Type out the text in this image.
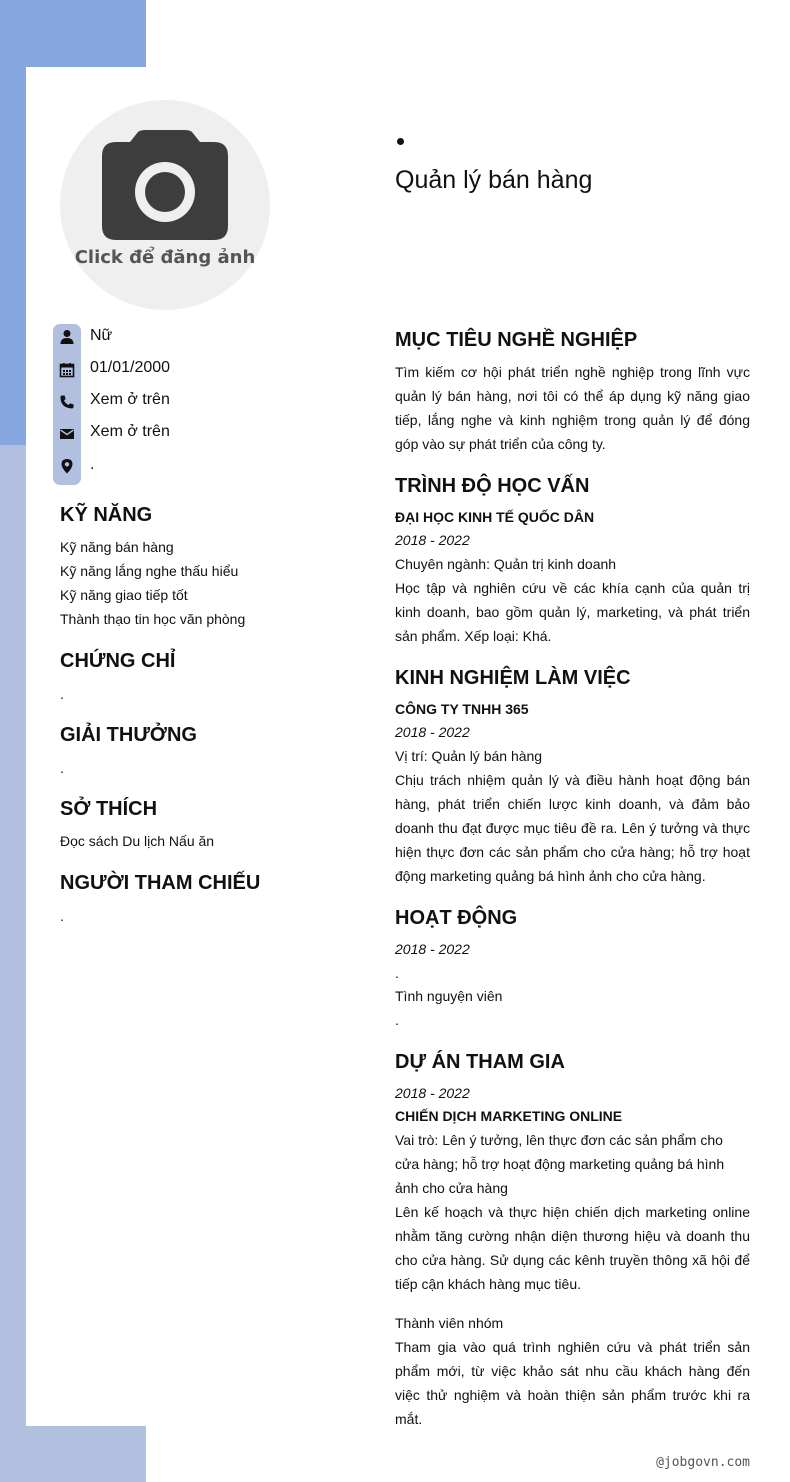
Click để đăng ảnh
Quản lý bán hàng
Nữ
01/01/2000
Xem ở trên
Xem ở trên
.
KỸ NĂNG
Kỹ năng bán hàng
Kỹ năng lắng nghe thấu hiểu
Kỹ năng giao tiếp tốt
Thành thạo tin học văn phòng
CHỨNG CHỈ
.
GIẢI THƯỞNG
.
SỞ THÍCH
Đọc sách Du lịch Nấu ăn
NGƯỜI THAM CHIẾU
.
MỤC TIÊU NGHỀ NGHIỆP
Tìm kiếm cơ hội phát triển nghề nghiệp trong lĩnh vực quản lý bán hàng, nơi tôi có thể áp dụng kỹ năng giao tiếp, lắng nghe và kinh nghiệm trong quản lý để đóng góp vào sự phát triển của công ty.
TRÌNH ĐỘ HỌC VẤN
ĐẠI HỌC KINH TẾ QUỐC DÂN
2018 - 2022
Chuyên ngành: Quản trị kinh doanh
Học tập và nghiên cứu về các khía cạnh của quản trị kinh doanh, bao gồm quản lý, marketing, và phát triển sản phẩm. Xếp loại: Khá.
KINH NGHIỆM LÀM VIỆC
CÔNG TY TNHH 365
2018 - 2022
Vị trí: Quản lý bán hàng
Chịu trách nhiệm quản lý và điều hành hoạt động bán hàng, phát triển chiến lược kinh doanh, và đảm bảo doanh thu đạt được mục tiêu đề ra. Lên ý tưởng và thực hiện thực đơn các sản phẩm cho cửa hàng; hỗ trợ hoạt động marketing quảng bá hình ảnh cho cửa hàng.
HOẠT ĐỘNG
2018 - 2022
.
Tình nguyện viên
.
DỰ ÁN THAM GIA
2018 - 2022
CHIẾN DỊCH MARKETING ONLINE
Vai trò: Lên ý tưởng, lên thực đơn các sản phẩm cho cửa hàng; hỗ trợ hoạt động marketing quảng bá hình ảnh cho cửa hàng
Lên kế hoạch và thực hiện chiến dịch marketing online nhằm tăng cường nhận diện thương hiệu và doanh thu cho cửa hàng. Sử dụng các kênh truyền thông xã hội để tiếp cận khách hàng mục tiêu.
Thành viên nhóm
Tham gia vào quá trình nghiên cứu và phát triển sản phẩm mới, từ việc khảo sát nhu cầu khách hàng đến việc thử nghiệm và hoàn thiện sản phẩm trước khi ra mắt.
@jobgovn.com
